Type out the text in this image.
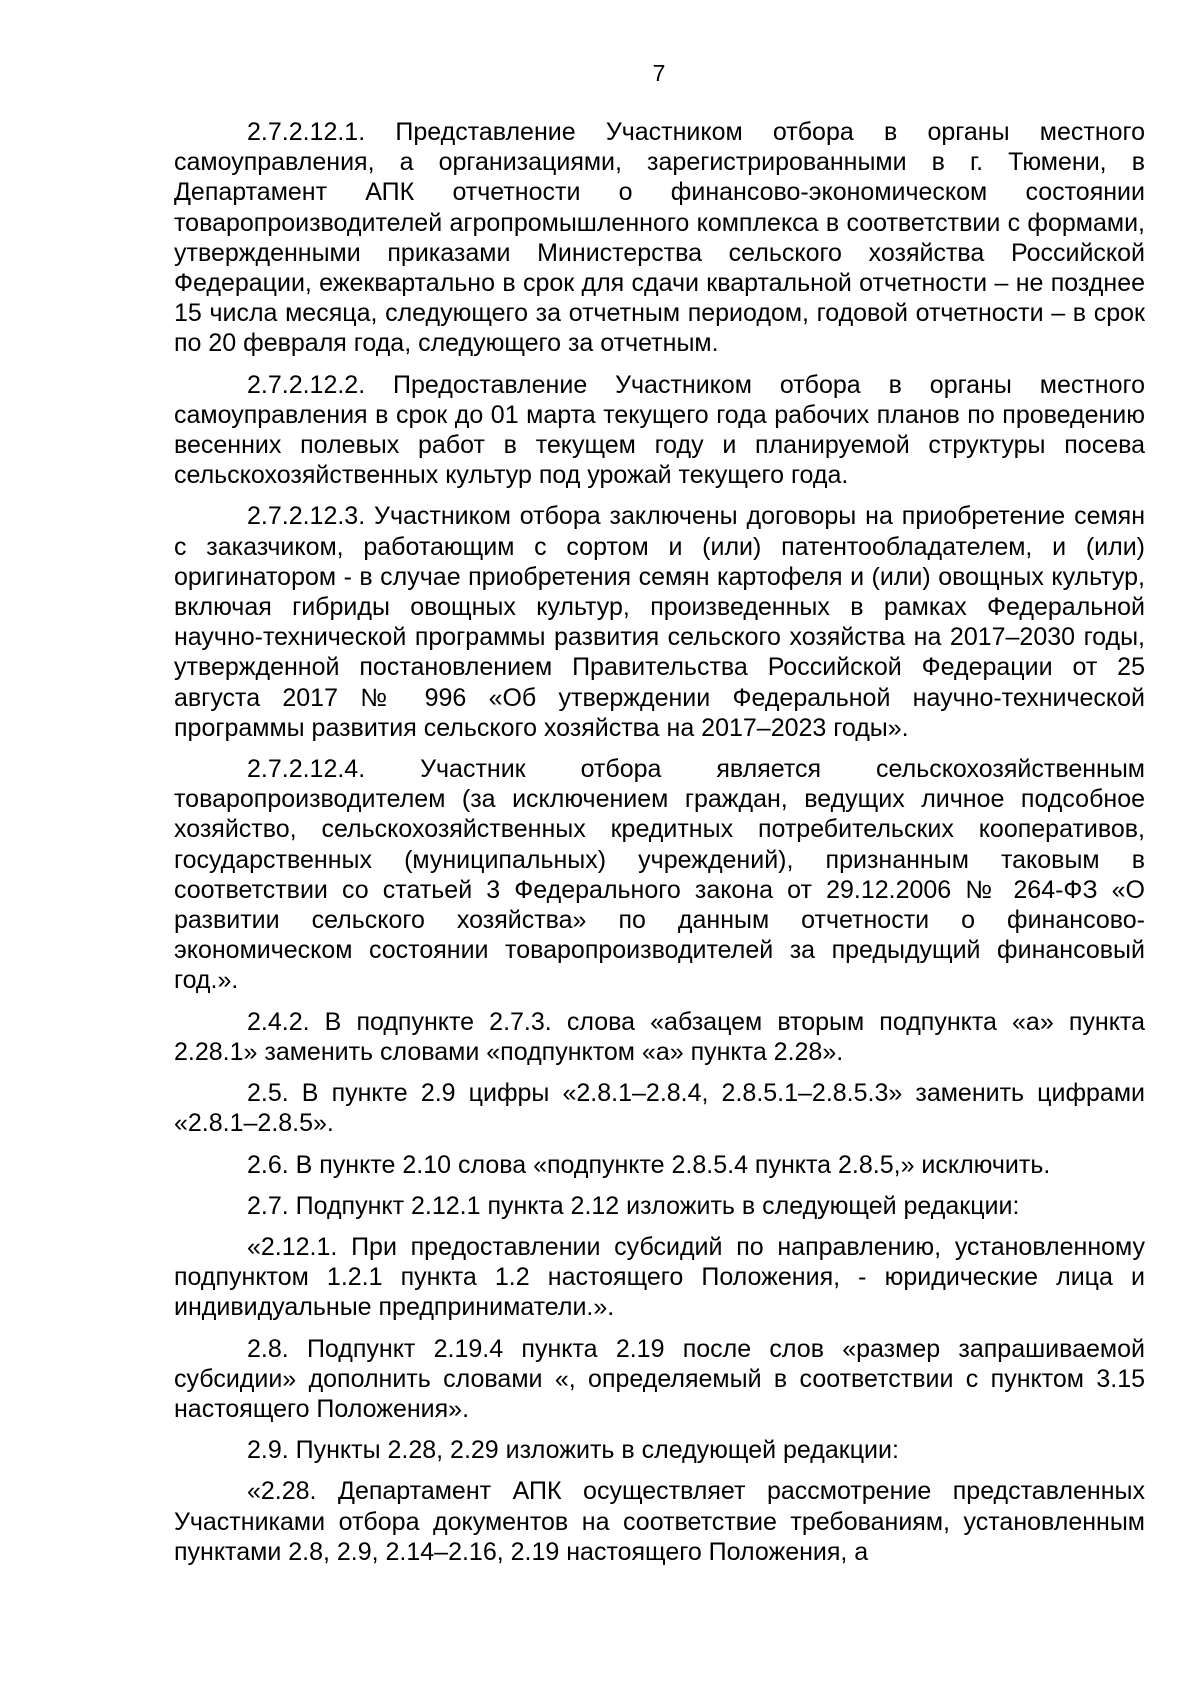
7

2.7.2.12.1. Представление Участником отбора в органы местного самоуправления, а организациями, зарегистрированными в г. Тюмени, в Департамент АПК отчетности о финансово-экономическом состоянии товаропроизводителей агропромышленного комплекса в соответствии с формами, утвержденными приказами Министерства сельского хозяйства Российской Федерации, ежеквартально в срок для сдачи квартальной отчетности – не позднее 15 числа месяца, следующего за отчетным периодом, годовой отчетности – в срок по 20 февраля года, следующего за отчетным.

2.7.2.12.2. Предоставление Участником отбора в органы местного самоуправления в срок до 01 марта текущего года рабочих планов по проведению весенних полевых работ в текущем году и планируемой структуры посева сельскохозяйственных культур под урожай текущего года.

2.7.2.12.3. Участником отбора заключены договоры на приобретение семян с заказчиком, работающим с сортом и (или) патентообладателем, и (или) оригинатором - в случае приобретения семян картофеля и (или) овощных культур, включая гибриды овощных культур, произведенных в рамках Федеральной научно-технической программы развития сельского хозяйства на 2017–2030 годы, утвержденной постановлением Правительства Российской Федерации от 25 августа 2017 № 996 «Об утверждении Федеральной научно-технической программы развития сельского хозяйства на 2017–2023 годы».

2.7.2.12.4. Участник отбора является сельскохозяйственным товаропроизводителем (за исключением граждан, ведущих личное подсобное хозяйство, сельскохозяйственных кредитных потребительских кооперативов, государственных (муниципальных) учреждений), признанным таковым в соответствии со статьей 3 Федерального закона от 29.12.2006 № 264-ФЗ «О развитии сельского хозяйства» по данным отчетности о финансово-экономическом состоянии товаропроизводителей за предыдущий финансовый год.».

2.4.2. В подпункте 2.7.3. слова «абзацем вторым подпункта «а» пункта 2.28.1» заменить словами «подпунктом «а» пункта 2.28».

2.5. В пункте 2.9 цифры «2.8.1–2.8.4, 2.8.5.1–2.8.5.3» заменить цифрами «2.8.1–2.8.5».

2.6. В пункте 2.10 слова «подпункте 2.8.5.4 пункта 2.8.5,» исключить.

2.7. Подпункт 2.12.1 пункта 2.12 изложить в следующей редакции:

«2.12.1. При предоставлении субсидий по направлению, установленному подпунктом 1.2.1 пункта 1.2 настоящего Положения, - юридические лица и индивидуальные предприниматели.».

2.8. Подпункт 2.19.4 пункта 2.19 после слов «размер запрашиваемой субсидии» дополнить словами «, определяемый в соответствии с пунктом 3.15 настоящего Положения».

2.9. Пункты 2.28, 2.29 изложить в следующей редакции:

«2.28. Департамент АПК осуществляет рассмотрение представленных Участниками отбора документов на соответствие требованиям, установленным пунктами 2.8, 2.9, 2.14–2.16, 2.19 настоящего Положения, а
